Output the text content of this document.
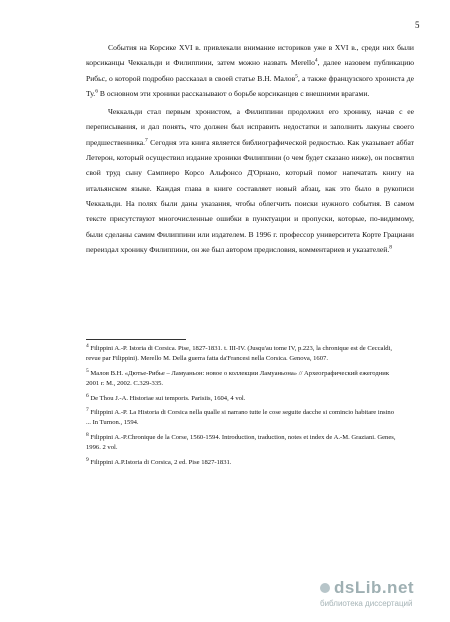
5

События на Корсике XVI в. привлекали внимание историков уже в XVI в., среди них были корсиканцы Чеккальди и Филиппини, затем можно назвать Merello$^4$, далее назовем публикацию Рибьс, о которой подробно рассказал в своей статье В.Н. Малов$^5$, а также французского хрониста де Ту.$^6$ В основном эти хроники рассказывают о борьбе корсиканцев с внешними врагами.

Чеккальди стал первым хронистом, а Филиппини продолжил его хронику, начав с ее переписывания, и дал понять, что должен был исправить недостатки и заполнить лакуны своего предшественника.$^7$ Сегодня эта книга является библиографической редкостью. Как указывает аббат Летерон, который осуществил издание хроники Филиппини (о чем будет сказано ниже), он посвятил свой труд сыну Сампиеро Корсо Альфонсо Д'Орнано, который помог напечатать книгу на итальянском языке. Каждая глава в книге составляет новый абзац, как это было в рукописи Чеккальди. На полях были даны указания, чтобы облегчить поиски нужного события. В самом тексте присутствуют многочисленные ошибки в пунктуации и пропуски, которые, по-видимому, были сделаны самим Филиппини или издателем. В 1996 г. профессор университета Корте Грациани переиздал хронику Филиппини, он же был автором предисловия, комментариев и указателей.$^8$

$^4$ Filippini A.-P. Istoria di Corsica. Pise, 1827-1831. t. III-IV. (Jusqu'au tome IV, p.223, la chronique est de Ceccaldi, revue par Filippini). Merello M. Della guerra fatta da'Francesi nella Corsica. Genova, 1607.
$^5$ Малов В.Н. «Дютье-Рибье – Ламуаньон: новое о коллекции Ламуаньона» // Археографический ежегодник 2001 г. М., 2002. С.329-335.
$^6$ De Thou J.-A. Historiae sui temporis. Parisiis, 1604, 4 vol.
$^7$ Filippini A.-P. La Historia di Corsica nella qualle si narrano tutte le cose seguite dacche si comincio habitare insino ... In Turnon., 1594.
$^8$ Filippini A.-P.Chronique de la Corse, 1560-1594. Introduction, traduction, notes et index de A.-M. Graziani. Genes, 1996. 2 vol.
$^9$ Filippini A.P.Istoria di Corsica, 2 ed. Pise 1827-1831.
dsLib.net
библиотека диссертаций
